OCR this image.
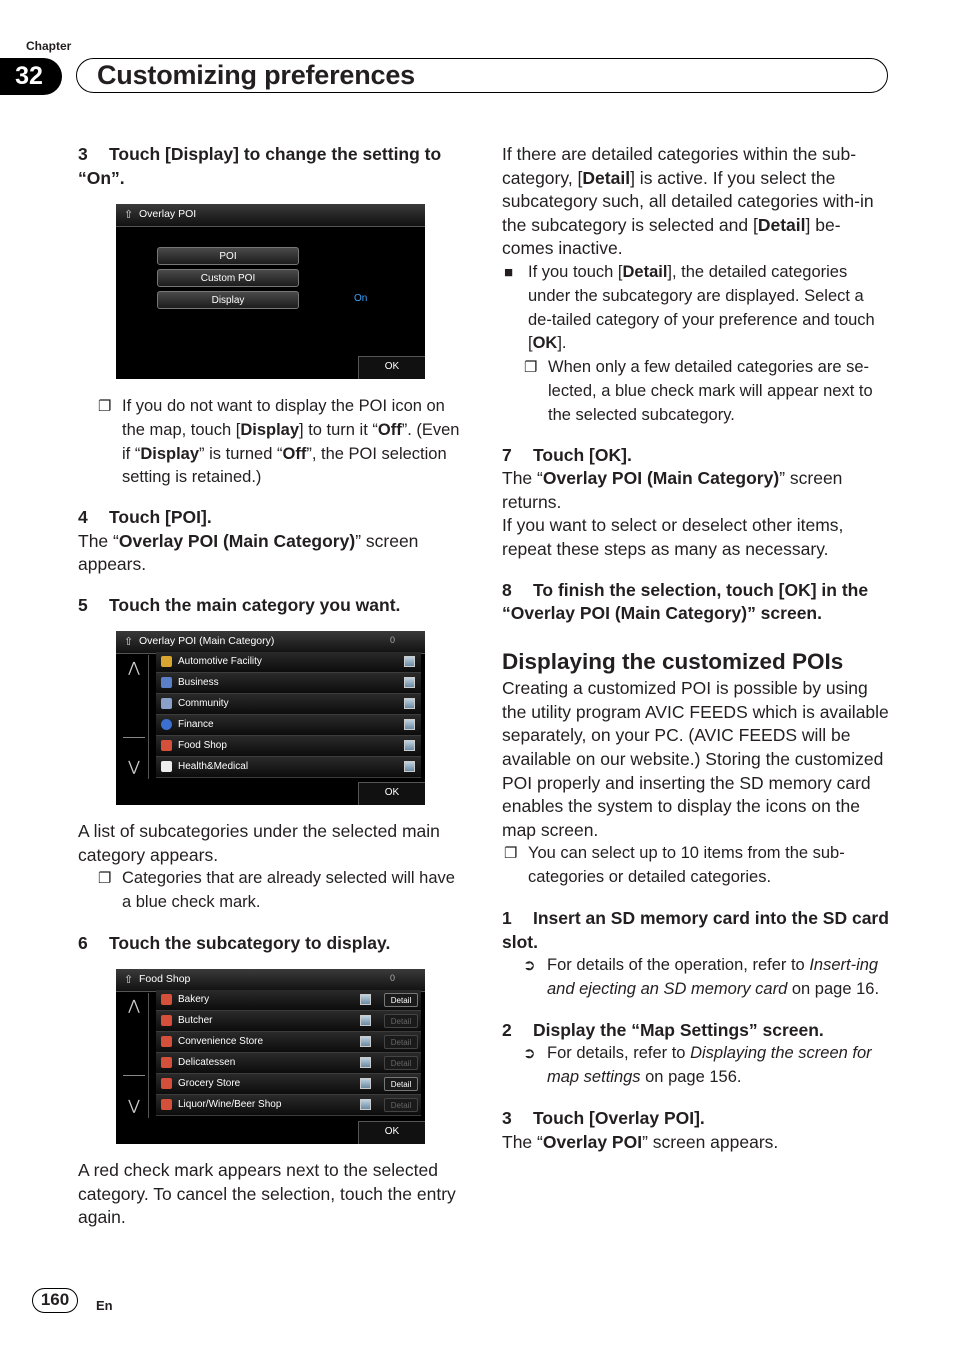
Chapter
32	Customizing preferences

3 Touch [Display] to change the setting to “On”.

⇧ Overlay POI
POI
Custom POI
Display	On
OK

❐ If you do not want to display the POI icon on the map, touch [Display] to turn it “Off”. (Even if “Display” is turned “Off”, the POI selection setting is retained.)

4 Touch [POI].

The “Overlay POI (Main Category)” screen appears.

5 Touch the main category you want.

⇧ Overlay POI (Main Category)	0
⋀
⋁
Automotive Facility
Business
Community
Finance
Food Shop
Health&Medical
OK

A list of subcategories under the selected main category appears.

❐ Categories that are already selected will have a blue check mark.

6 Touch the subcategory to display.

⇧ Food Shop	0
⋀
⋁
Bakery	Detail
Butcher	Detail
Convenience Store	Detail
Delicatessen	Detail
Grocery Store	Detail
Liquor/Wine/Beer Shop	Detail
OK

A red check mark appears next to the selected category. To cancel the selection, touch the entry again.

If there are detailed categories within the sub-category, [Detail] is active. If you select the subcategory such, all detailed categories with-in the subcategory is selected and [Detail] be-comes inactive.

■ If you touch [Detail], the detailed categories under the subcategory are displayed. Select a de-tailed category of your preference and touch [OK].

❐ When only a few detailed categories are se-lected, a blue check mark will appear next to the selected subcategory.

7 Touch [OK].

The “Overlay POI (Main Category)” screen returns.

If you want to select or deselect other items, repeat these steps as many as necessary.

8 To finish the selection, touch [OK] in the “Overlay POI (Main Category)” screen.

Displaying the customized POIs

Creating a customized POI is possible by using the utility program AVIC FEEDS which is available separately, on your PC. (AVIC FEEDS will be available on our website.) Storing the customized POI properly and inserting the SD memory card enables the system to display the icons on the map screen.

❐ You can select up to 10 items from the sub-categories or detailed categories.

1 Insert an SD memory card into the SD card slot.

➲ For details of the operation, refer to Insert-ing and ejecting an SD memory card on page 16.

2 Display the “Map Settings” screen.

➲ For details, refer to Displaying the screen for map settings on page 156.

3 Touch [Overlay POI].

The “Overlay POI” screen appears.

160	En
